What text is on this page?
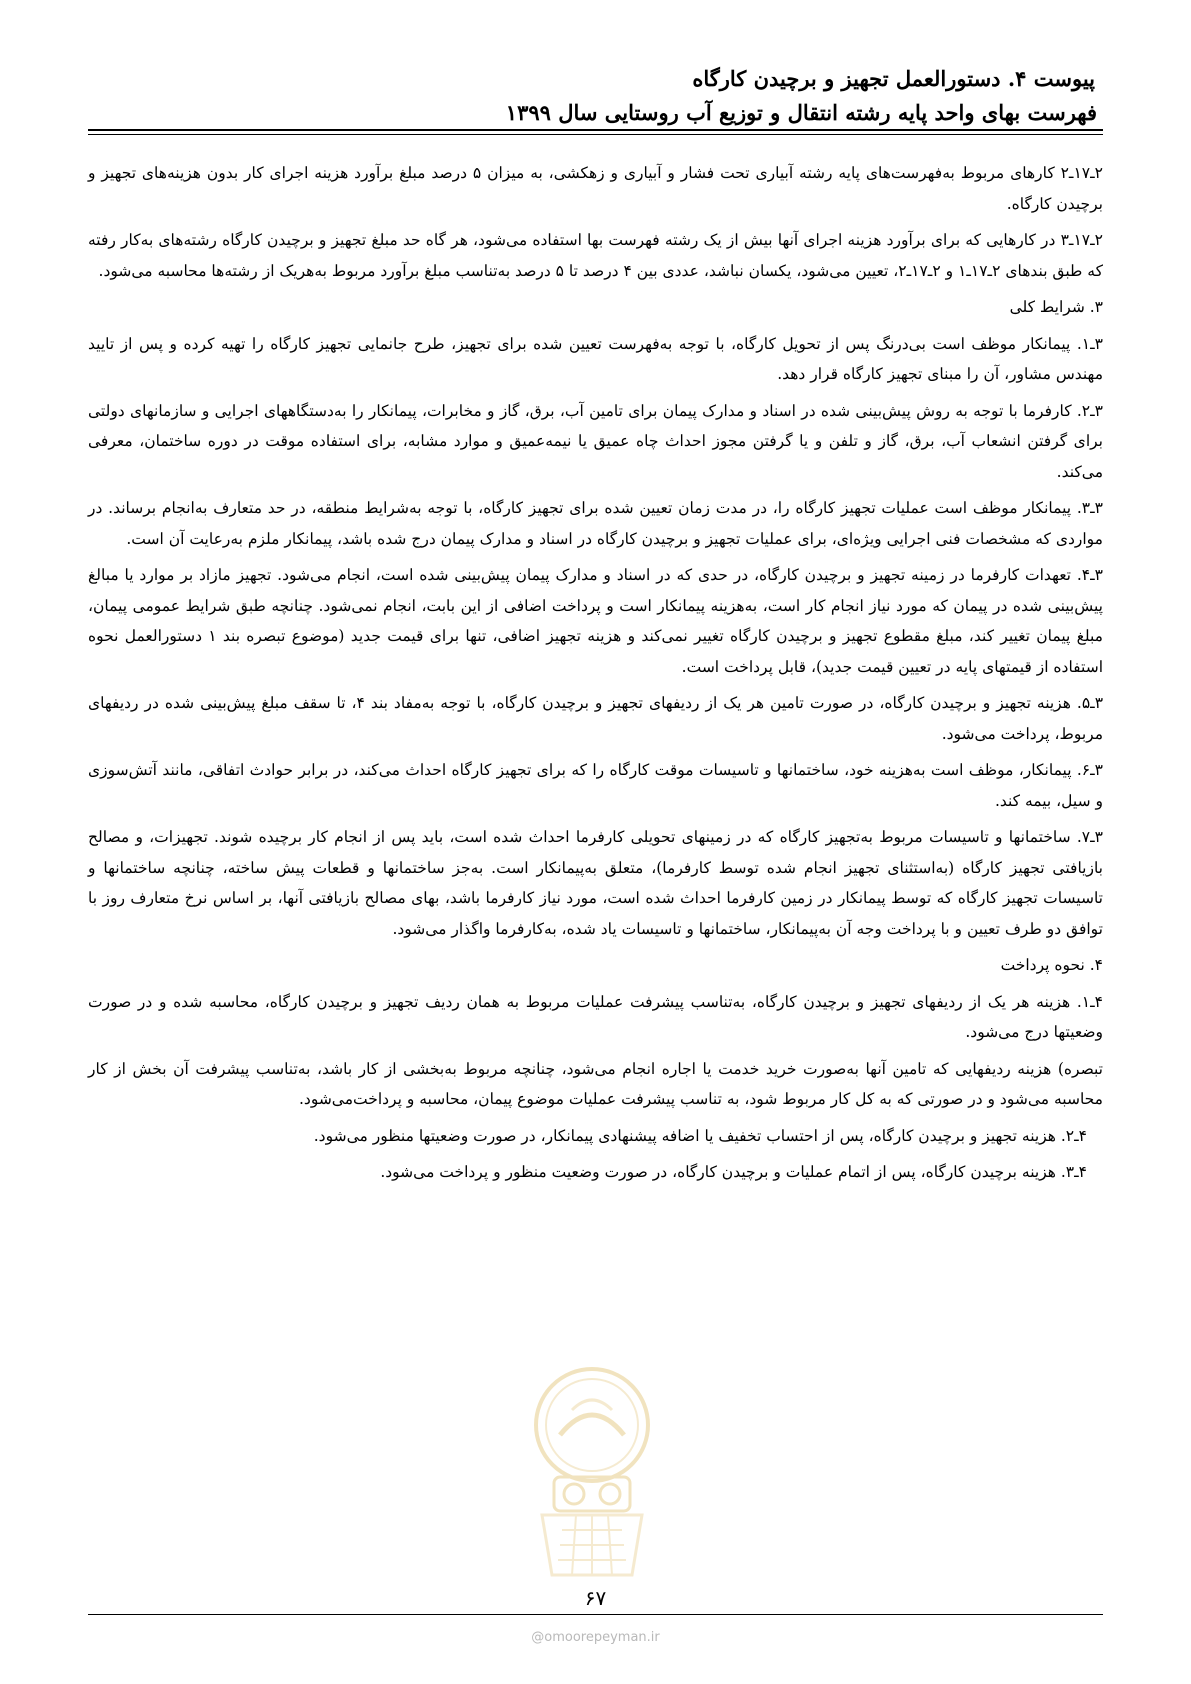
پیوست ۴. دستورالعمل تجهیز و برچیدن کارگاه
فهرست بهای واحد پایه رشته انتقال و توزیع آب روستایی سال ۱۳۹۹

۲ـ۱۷ـ۲ کارهای مربوط به‌فهرست‌های پایه رشته آبیاری تحت فشار و آبیاری و زهکشی، به میزان ۵ درصد مبلغ برآورد هزینه اجرای کار بدون هزینه‌های تجهیز و برچیدن کارگاه.

۲ـ۱۷ـ۳ در کارهایی که برای برآورد هزینه اجرای آنها بیش از یک رشته فهرست بها استفاده می‌شود، هر گاه حد مبلغ تجهیز و برچیدن کارگاه رشته‌های به‌کار رفته که طبق بندهای ۲ـ۱۷ـ۱ و ۲ـ۱۷ـ۲، تعیین می‌شود، یکسان نباشد، عددی بین ۴ درصد تا ۵ درصد به‌تناسب مبلغ برآورد مربوط به‌هریک از رشته‌ها محاسبه می‌شود.

۳. شرایط کلی

۳ـ۱. پیمانکار موظف است بی‌درنگ پس از تحویل کارگاه، با توجه به‌فهرست تعیین شده برای تجهیز، طرح جانمایی تجهیز کارگاه را تهیه کرده و پس از تایید مهندس مشاور، آن را مبنای تجهیز کارگاه قرار دهد.

۳ـ۲. کارفرما با توجه به روش پیش‌بینی شده در اسناد و مدارک پیمان برای تامین آب، برق، گاز و مخابرات، پیمانکار را به‌دستگاههای اجرایی و سازمانهای دولتی برای گرفتن انشعاب آب، برق، گاز و تلفن و یا گرفتن مجوز احداث چاه عمیق یا نیمه‌عمیق و موارد مشابه، برای استفاده موقت در دوره ساختمان، معرفی می‌کند.

۳ـ۳. پیمانکار موظف است عملیات تجهیز کارگاه را، در مدت زمان تعیین شده برای تجهیز کارگاه، با توجه به‌شرایط منطقه، در حد متعارف به‌انجام برساند. در مواردی که مشخصات فنی اجرایی ویژه‌ای، برای عملیات تجهیز و برچیدن کارگاه در اسناد و مدارک پیمان درج شده باشد، پیمانکار ملزم به‌رعایت آن است.

۳ـ۴. تعهدات کارفرما در زمینه تجهیز و برچیدن کارگاه، در حدی که در اسناد و مدارک پیمان پیش‌بینی شده است، انجام می‌شود. تجهیز مازاد بر موارد یا مبالغ پیش‌بینی شده در پیمان که مورد نیاز انجام کار است، به‌هزینه پیمانکار است و پرداخت اضافی از این بابت، انجام نمی‌شود. چنانچه طبق شرایط عمومی پیمان، مبلغ پیمان تغییر کند، مبلغ مقطوع تجهیز و برچیدن کارگاه تغییر نمی‌کند و هزینه تجهیز اضافی، تنها برای قیمت جدید (موضوع تبصره بند ۱ دستورالعمل نحوه استفاده از قیمتهای پایه در تعیین قیمت جدید)، قابل پرداخت است.

۳ـ۵. هزینه تجهیز و برچیدن کارگاه، در صورت تامین هر یک از ردیفهای تجهیز و برچیدن کارگاه، با توجه به‌مفاد بند ۴، تا سقف مبلغ پیش‌بینی شده در ردیفهای مربوط، پرداخت می‌شود.

۳ـ۶. پیمانکار، موظف است به‌هزینه خود، ساختمانها و تاسیسات موقت کارگاه را که برای تجهیز کارگاه احداث می‌کند، در برابر حوادث اتفاقی، مانند آتش‌سوزی و سیل، بیمه کند.

۳ـ۷. ساختمانها و تاسیسات مربوط به‌تجهیز کارگاه که در زمینهای تحویلی کارفرما احداث شده است، باید پس از انجام کار برچیده شوند. تجهیزات، و مصالح بازیافتی تجهیز کارگاه (به‌استثنای تجهیز انجام شده توسط کارفرما)، متعلق به‌پیمانکار است. به‌جز ساختمانها و قطعات پیش ساخته، چنانچه ساختمانها و تاسیسات تجهیز کارگاه که توسط پیمانکار در زمین کارفرما احداث شده است، مورد نیاز کارفرما باشد، بهای مصالح بازیافتی آنها، بر اساس نرخ متعارف روز با توافق دو طرف تعیین و با پرداخت وجه آن به‌پیمانکار، ساختمانها و تاسیسات یاد شده، به‌کارفرما واگذار می‌شود.

۴. نحوه پرداخت

۴ـ۱. هزینه هر یک از ردیفهای تجهیز و برچیدن کارگاه، به‌تناسب پیشرفت عملیات مربوط به همان ردیف تجهیز و برچیدن کارگاه، محاسبه شده و در صورت وضعیتها درج می‌شود.

تبصره) هزینه ردیفهایی که تامین آنها به‌صورت خرید خدمت یا اجاره انجام می‌شود، چنانچه مربوط به‌بخشی از کار باشد، به‌تناسب پیشرفت آن بخش از کار محاسبه می‌شود و در صورتی که به کل کار مربوط شود، به تناسب پیشرفت عملیات موضوع پیمان، محاسبه و پرداخت‌می‌شود.

۴ـ۲. هزینه تجهیز و برچیدن کارگاه، پس از احتساب تخفیف یا اضافه پیشنهادی پیمانکار، در صورت وضعیتها منظور می‌شود.

۴ـ۳. هزینه برچیدن کارگاه، پس از اتمام عملیات و برچیدن کارگاه، در صورت وضعیت منظور و پرداخت می‌شود.

۶۷
@omoorepeyman.ir
